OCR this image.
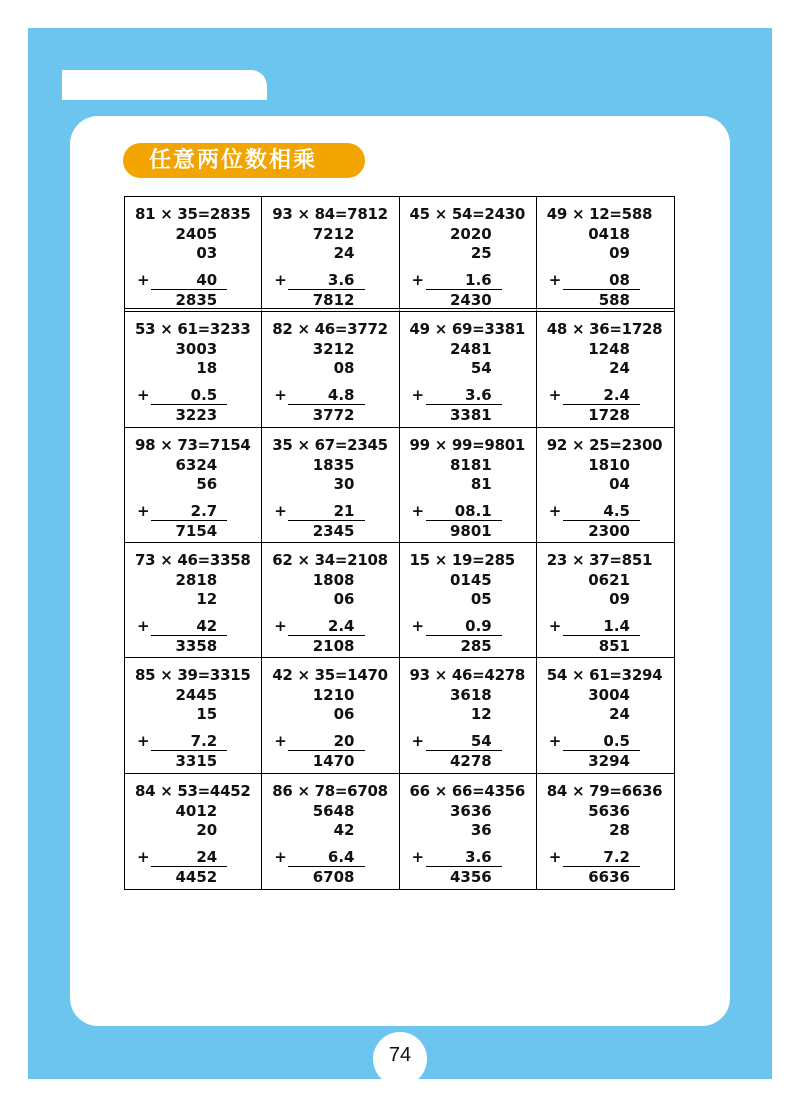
任意两位数相乘
81 × 35=2835
2405
03
40
2835
+
93 × 84=7812
7212
24
3.6
7812
+
45 × 54=2430
2020
25
1.6
2430
+
49 × 12=588
0418
09
08
588
+
53 × 61=3233
3003
18
0.5
3223
+
82 × 46=3772
3212
08
4.8
3772
+
49 × 69=3381
2481
54
3.6
3381
+
48 × 36=1728
1248
24
2.4
1728
+
98 × 73=7154
6324
56
2.7
7154
+
35 × 67=2345
1835
30
21
2345
+
99 × 99=9801
8181
81
08.1
9801
+
92 × 25=2300
1810
04
4.5
2300
+
73 × 46=3358
2818
12
42
3358
+
62 × 34=2108
1808
06
2.4
2108
+
15 × 19=285
0145
05
0.9
285
+
23 × 37=851
0621
09
1.4
851
+
85 × 39=3315
2445
15
7.2
3315
+
42 × 35=1470
1210
06
20
1470
+
93 × 46=4278
3618
12
54
4278
+
54 × 61=3294
3004
24
0.5
3294
+
84 × 53=4452
4012
20
24
4452
+
86 × 78=6708
5648
42
6.4
6708
+
66 × 66=4356
3636
36
3.6
4356
+
84 × 79=6636
5636
28
7.2
6636
+
74
